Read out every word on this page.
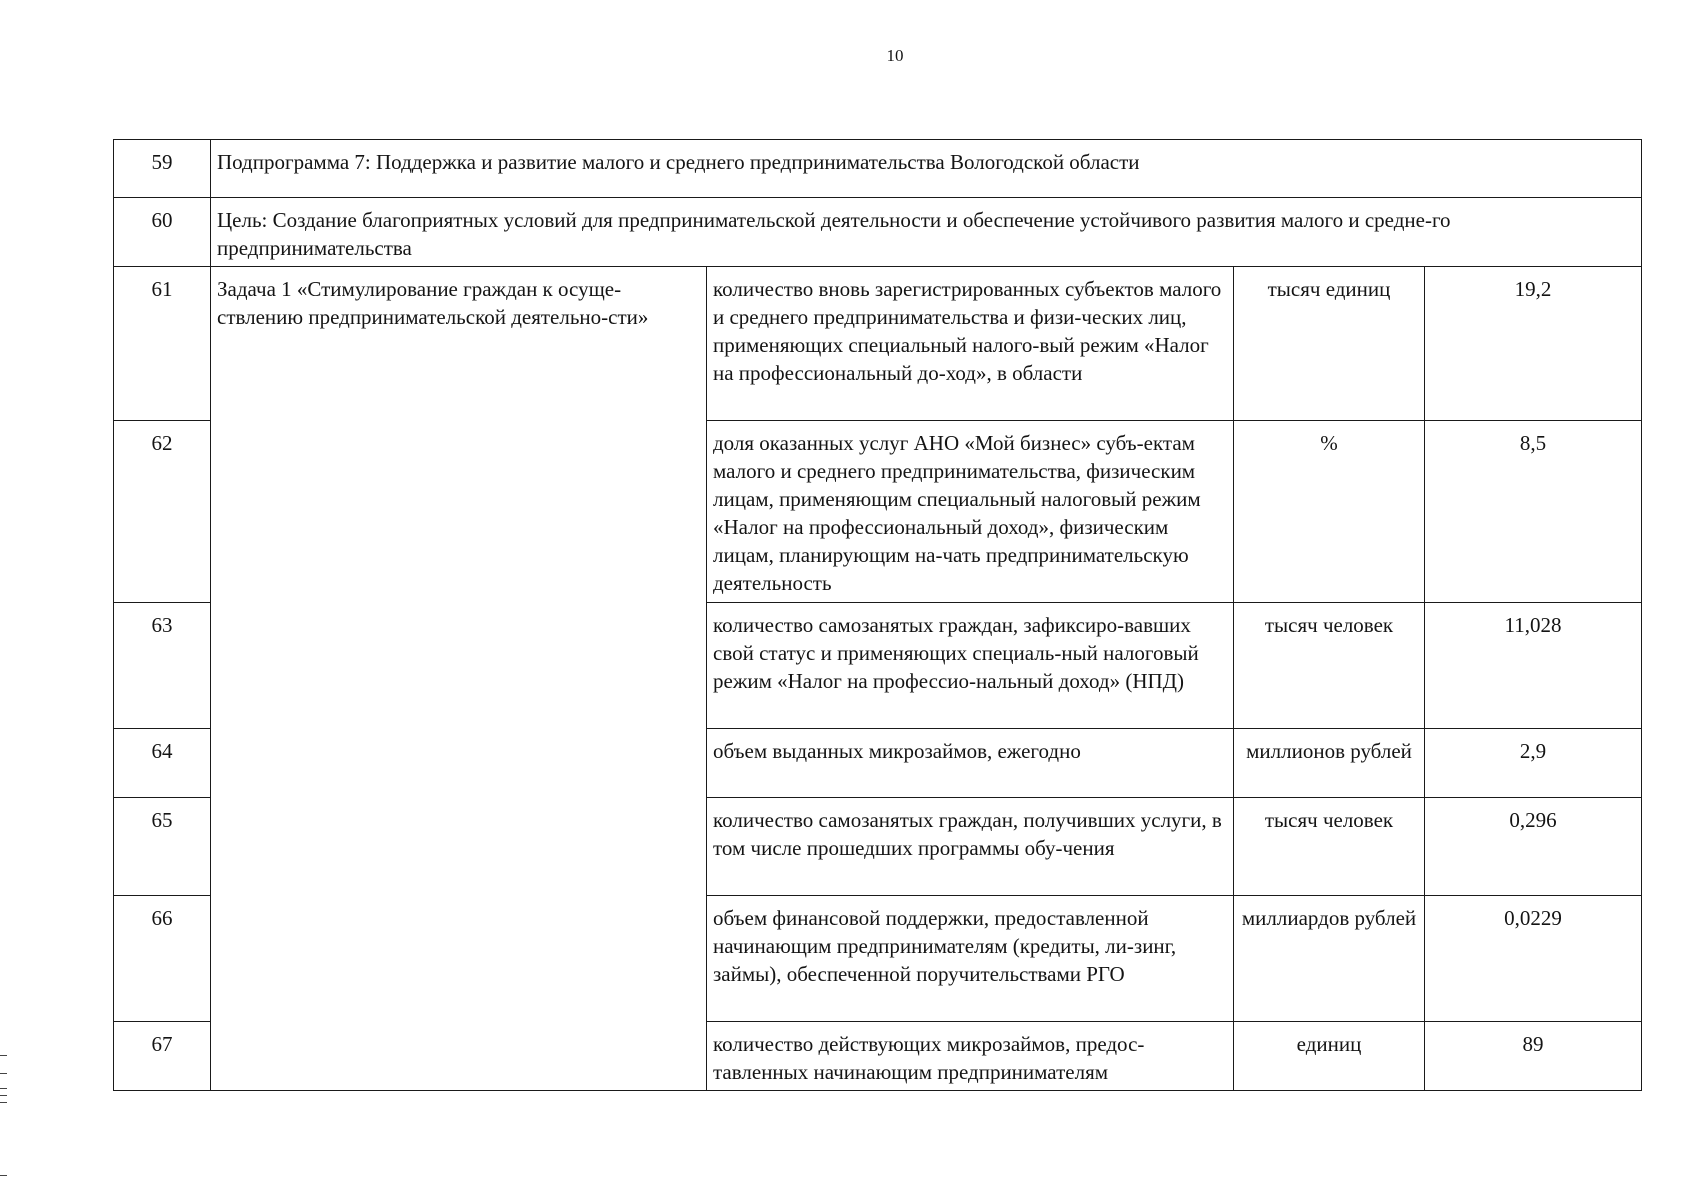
10
59	Подпрограмма 7: Поддержка и развитие малого и среднего предпринимательства Вологодской области			
60	Цель: Создание благоприятных условий для предпринимательской деятельности и обеспечение устойчивого развития малого и средне-го предпринимательства			
61	Задача 1 «Стимулирование граждан к осуще-ствлению предпринимательской деятельно-сти»	количество вновь зарегистрированных субъектов малого и среднего предпринимательства и физи-ческих лиц, применяющих специальный налого-вый режим «Налог на профессиональный до-ход», в области	тысяч единиц	19,2
62		доля оказанных услуг АНО «Мой бизнес» субъ-ектам малого и среднего предпринимательства, физическим лицам, применяющим специальный налоговый режим «Налог на профессиональный доход», физическим лицам, планирующим на-чать предпринимательскую деятельность	%	8,5
63		количество самозанятых граждан, зафиксиро-вавших свой статус и применяющих специаль-ный налоговый режим «Налог на профессио-нальный доход» (НПД)	тысяч человек	11,028
64		объем выданных микрозаймов, ежегодно	миллионов рублей	2,9
65		количество самозанятых граждан, получивших услуги, в том числе прошедших программы обу-чения	тысяч человек	0,296
66		объем финансовой поддержки, предоставленной начинающим предпринимателям (кредиты, ли-зинг, займы), обеспеченной поручительствами РГО	миллиардов рублей	0,0229
67		количество действующих микрозаймов, предос-тавленных начинающим предпринимателям	единиц	89
